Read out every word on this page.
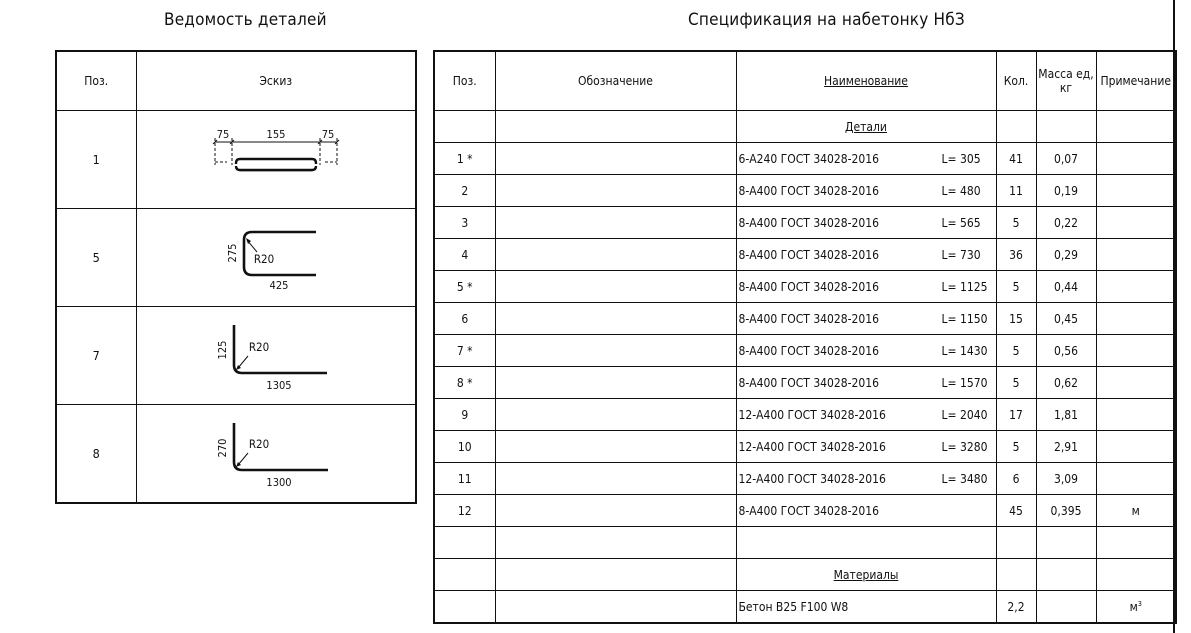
Ведомость деталей	Спецификация на набетонку НбЗ
Поз.	Эскиз
1	75 155 75

5	R20
275
425

7	R20
125
1305

8	R20
270
1300
Поз.	Обозначение	Наименование	Кол.	Масса ед, кг	Примечание
		Детали			
1 *		6-А240 ГОСТ 34028-2016 L= 305	41	0,07	
2		8-А400 ГОСТ 34028-2016 L= 480	11	0,19	
3		8-А400 ГОСТ 34028-2016 L= 565	5	0,22	
4		8-А400 ГОСТ 34028-2016 L= 730	36	0,29	
5 *		8-А400 ГОСТ 34028-2016 L= 1125	5	0,44	
6		8-А400 ГОСТ 34028-2016 L= 1150	15	0,45	
7 *		8-А400 ГОСТ 34028-2016 L= 1430	5	0,56	
8 *		8-А400 ГОСТ 34028-2016 L= 1570	5	0,62	
9		12-А400 ГОСТ 34028-2016 L= 2040	17	1,81	
10		12-А400 ГОСТ 34028-2016 L= 3280	5	2,91	
11		12-А400 ГОСТ 34028-2016 L= 3480	6	3,09	
12		8-А400 ГОСТ 34028-2016	45	0,395	м

		Материалы			
		Бетон В25 F100 W8	2,2		$м^3$
